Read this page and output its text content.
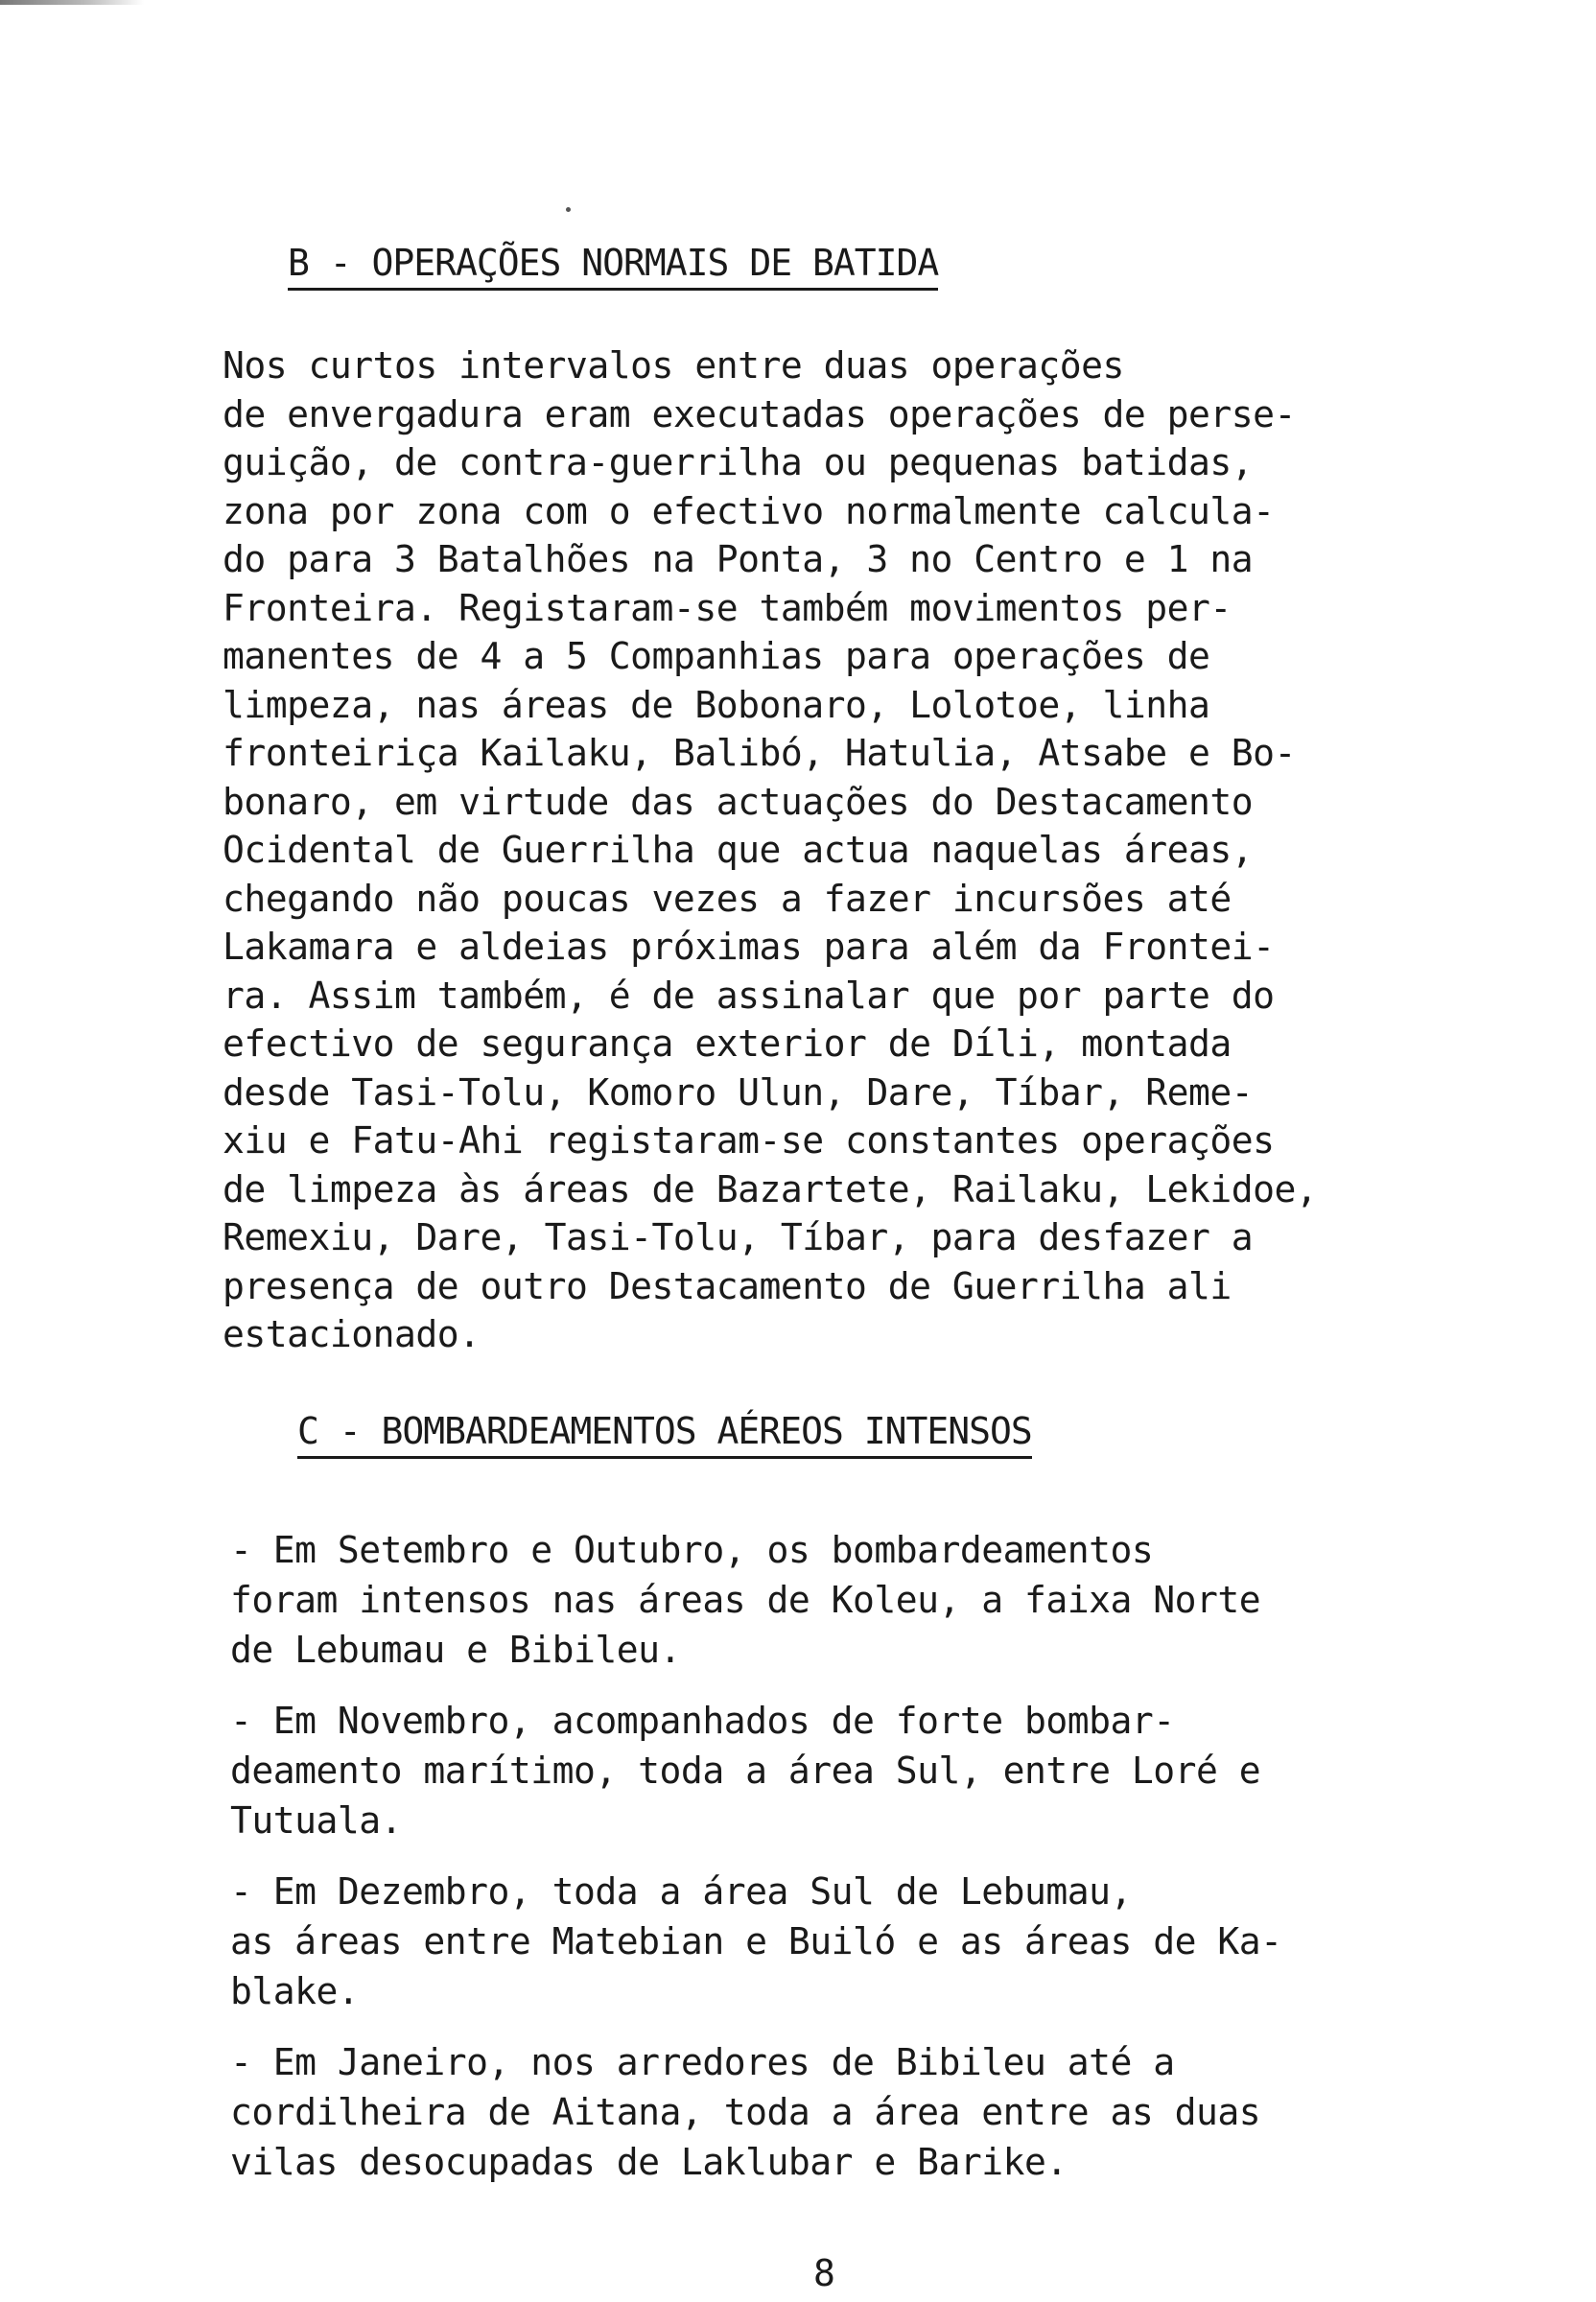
B - OPERAÇÕES NORMAIS DE BATIDA
Nos curtos intervalos entre duas operações
de envergadura eram executadas operações de perse-
guição, de contra-guerrilha ou pequenas batidas,
zona por zona com o efectivo normalmente calcula-
do para 3 Batalhões na Ponta, 3 no Centro e 1 na
Fronteira. Registaram-se também movimentos per-
manentes de 4 a 5 Companhias para operações de
limpeza, nas áreas de Bobonaro, Lolotoe, linha
fronteiriça Kailaku, Balibó, Hatulia, Atsabe e Bo-
bonaro, em virtude das actuações do Destacamento
Ocidental de Guerrilha que actua naquelas áreas,
chegando não poucas vezes a fazer incursões até
Lakamara e aldeias próximas para além da Frontei-
ra. Assim também, é de assinalar que por parte do
efectivo de segurança exterior de Díli, montada
desde Tasi-Tolu, Komoro Ulun, Dare, Tíbar, Reme-
xiu e Fatu-Ahi registaram-se constantes operações
de limpeza às áreas de Bazartete, Railaku, Lekidoe,
Remexiu, Dare, Tasi-Tolu, Tíbar, para desfazer a
presença de outro Destacamento de Guerrilha ali
estacionado.
C - BOMBARDEAMENTOS AÉREOS INTENSOS
- Em Setembro e Outubro, os bombardeamentos
foram intensos nas áreas de Koleu, a faixa Norte
de Lebumau e Bibileu.
- Em Novembro, acompanhados de forte bombar-
deamento marítimo, toda a área Sul, entre Loré e
Tutuala.
- Em Dezembro, toda a área Sul de Lebumau,
as áreas entre Matebian e Builó e as áreas de Ka-
blake.
- Em Janeiro, nos arredores de Bibileu até a
cordilheira de Aitana, toda a área entre as duas
vilas desocupadas de Laklubar e Barike.
8
